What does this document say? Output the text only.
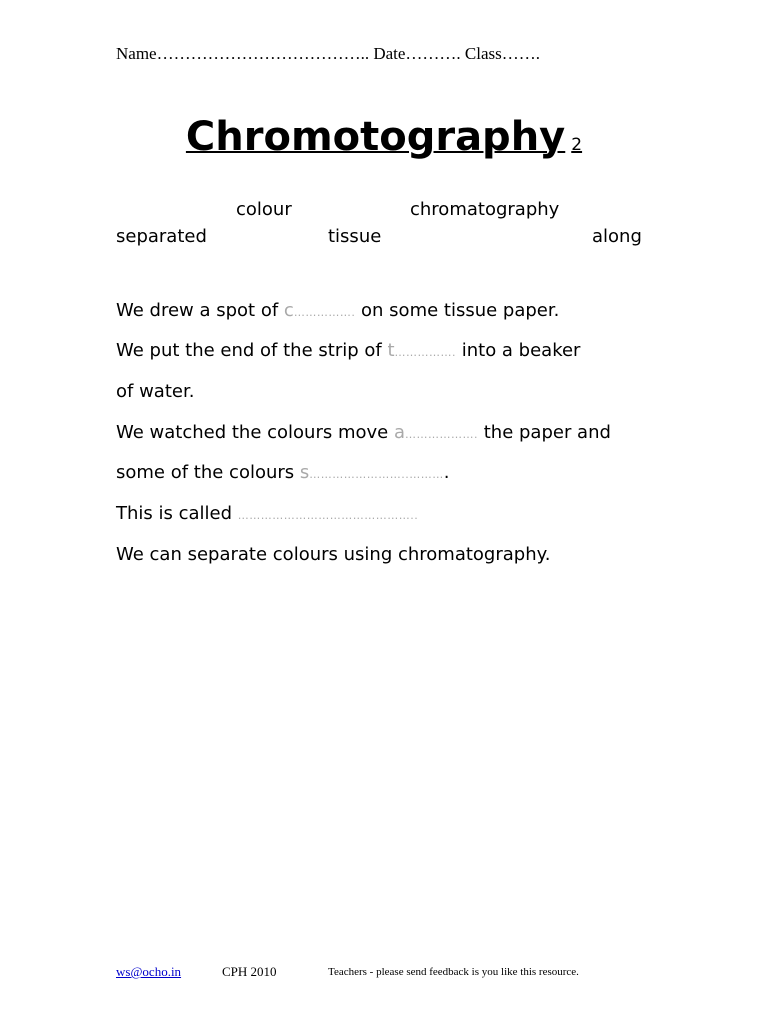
Name……………………………….. Date………. Class…….
Chromotography 2
colour	chromatography
separated	tissue	along
We drew a spot of c……………. on some tissue paper.
We put the end of the strip of t……………. into a beaker
of water.
We watched the colours move a………………. the paper and
some of the colours s……………………..……….
This is called ………………………………………..
We can separate colours using chromatography.
ws@ocho.in	CPH 2010	Teachers - please send feedback is you like this resource.
